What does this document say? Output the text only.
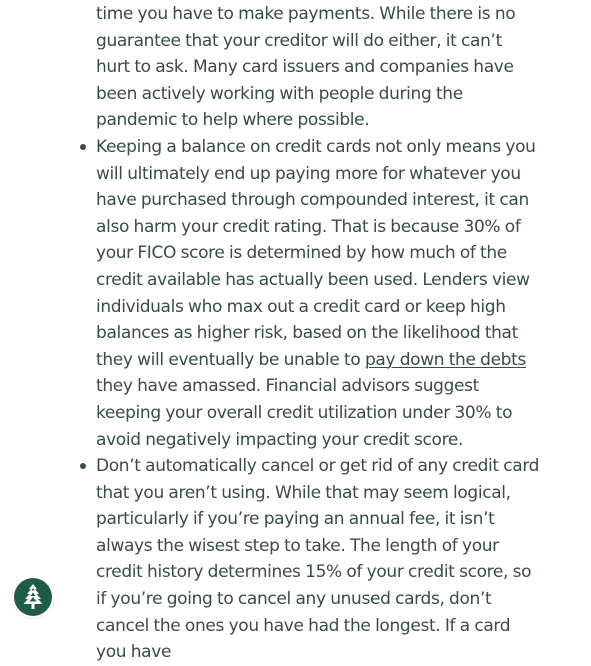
time you have to make payments. While there is no guarantee that your creditor will do either, it can’t hurt to ask. Many card issuers and companies have been actively working with people during the pandemic to help where possible.

Keeping a balance on credit cards not only means you will ultimately end up paying more for whatever you have purchased through compounded interest, it can also harm your credit rating. That is because 30% of your FICO score is determined by how much of the credit available has actually been used. Lenders view individuals who max out a credit card or keep high balances as higher risk, based on the likelihood that they will eventually be unable to pay down the debts they have amassed. Financial advisors suggest keeping your overall credit utilization under 30% to avoid negatively impacting your credit score.
Don’t automatically cancel or get rid of any credit card that you aren’t using. While that may seem logical, particularly if you’re paying an annual fee, it isn’t always the wisest step to take. The length of your credit history determines 15% of your credit score, so if you’re going to cancel any unused cards, don’t cancel the ones you have had the longest. If a card you have
